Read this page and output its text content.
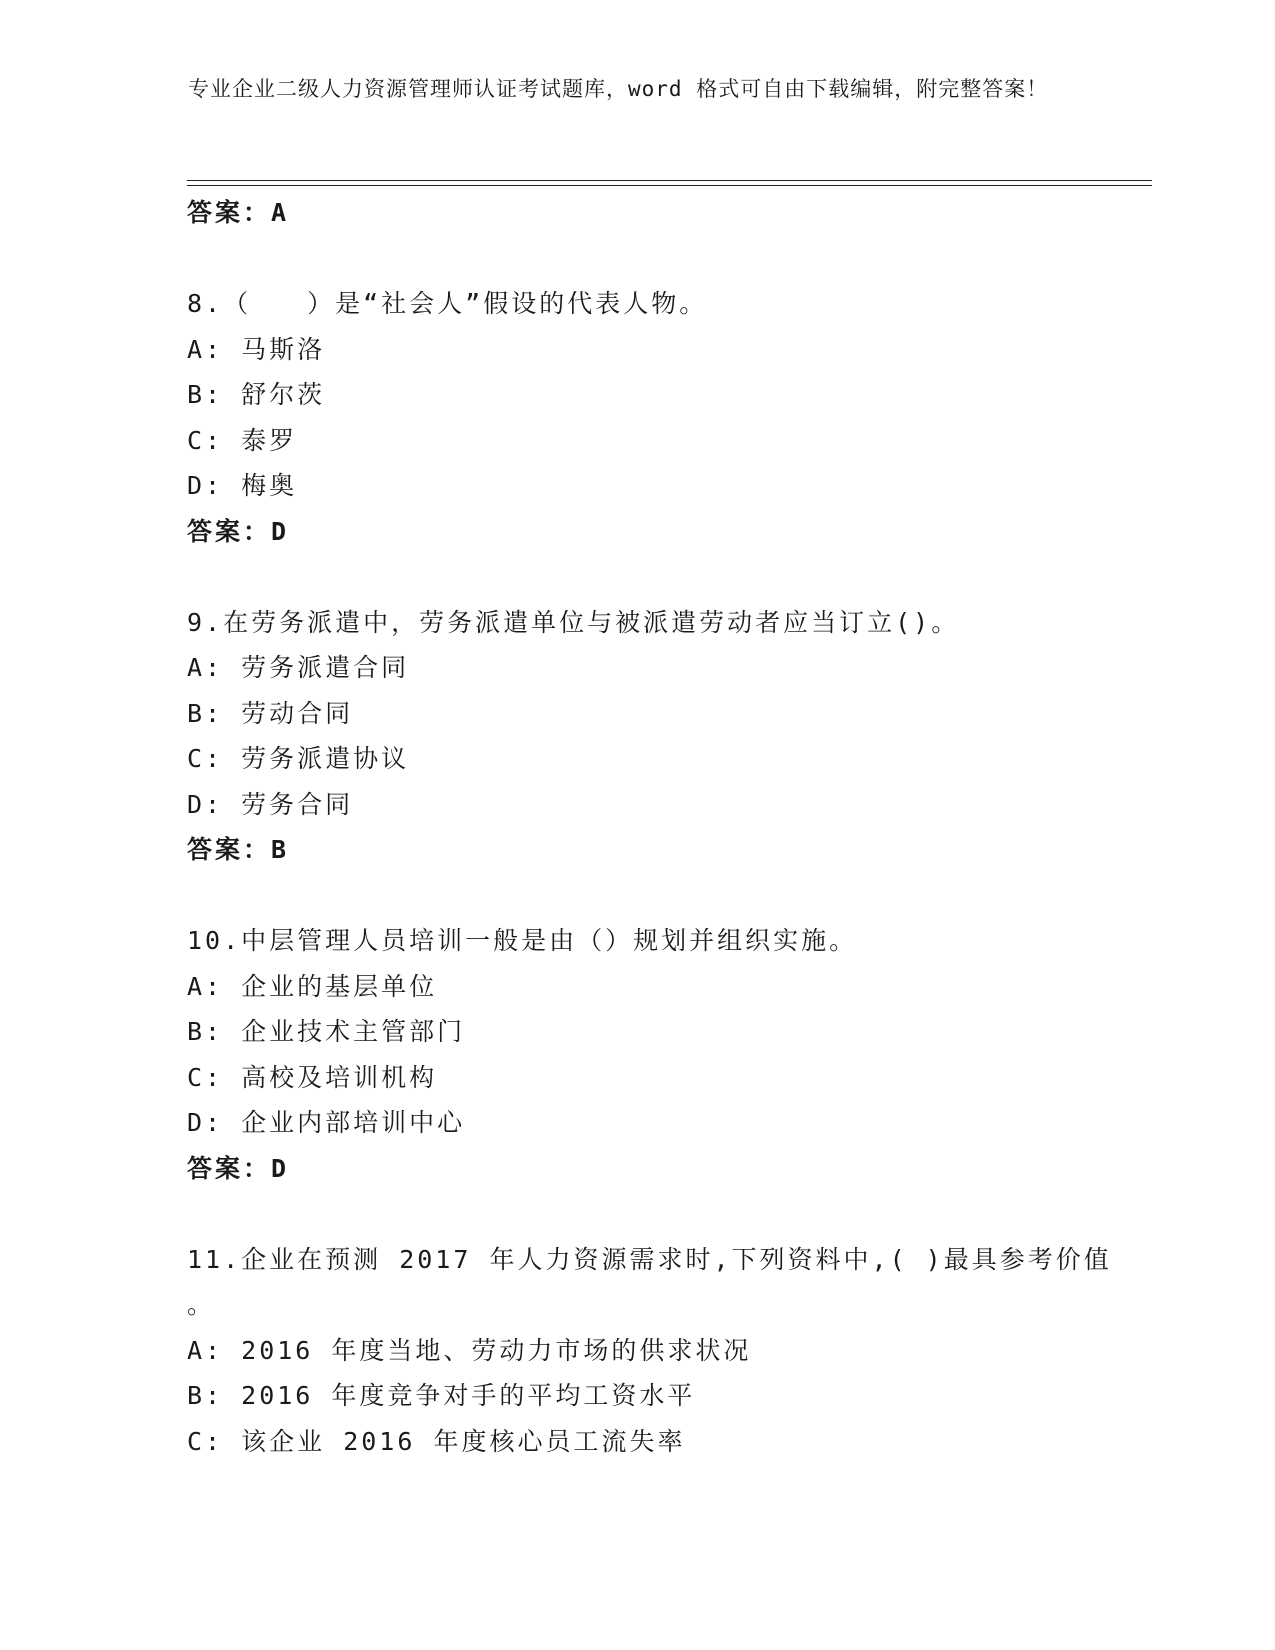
专业企业二级人力资源管理师认证考试题库，word 格式可自由下载编辑，附完整答案！
答案：A
8.（　　）是“社会人”假设的代表人物。
A: 马斯洛
B: 舒尔茨
C: 泰罗
D: 梅奥
答案：D
9.在劳务派遣中，劳务派遣单位与被派遣劳动者应当订立()。
A: 劳务派遣合同
B: 劳动合同
C: 劳务派遣协议
D: 劳务合同
答案：B
10.中层管理人员培训一般是由（）规划并组织实施。
A: 企业的基层单位
B: 企业技术主管部门
C: 高校及培训机构
D: 企业内部培训中心
答案：D
11.企业在预测 2017 年人力资源需求时,下列资料中,( )最具参考价值
。
A: 2016 年度当地、劳动力市场的供求状况
B: 2016 年度竞争对手的平均工资水平
C: 该企业 2016 年度核心员工流失率
